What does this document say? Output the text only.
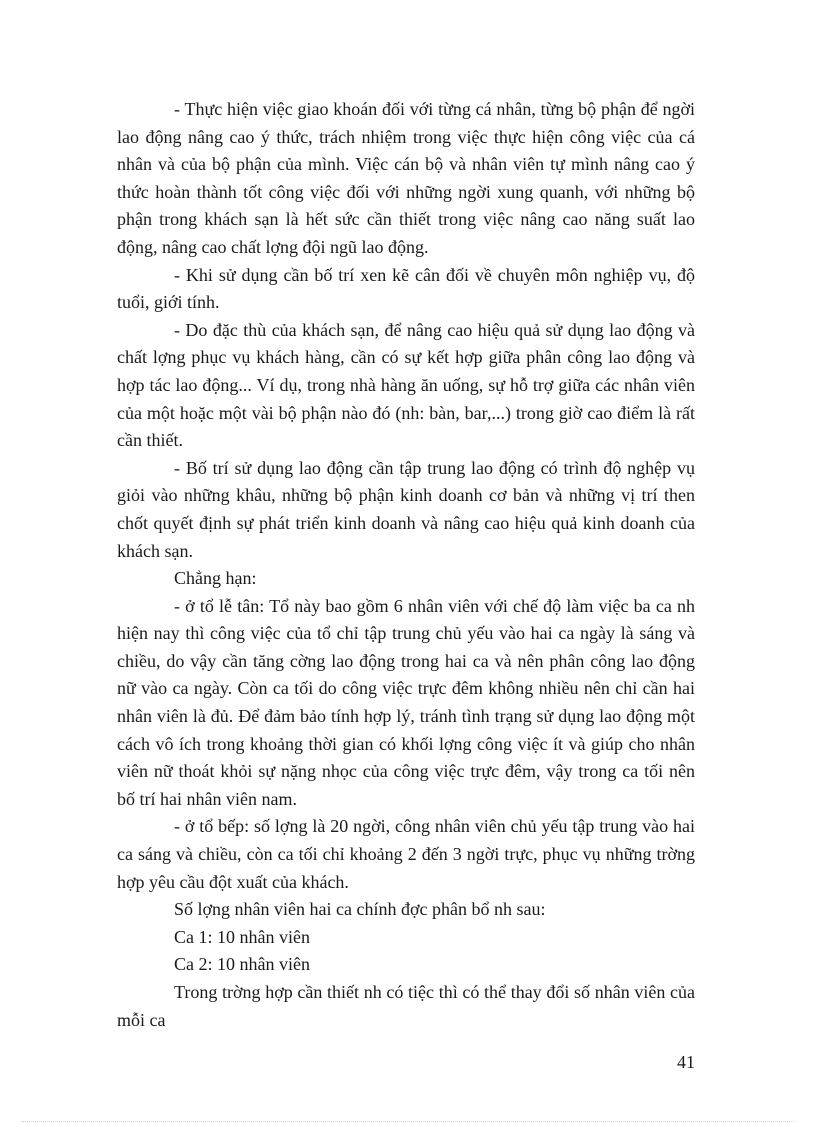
- Thực hiện việc giao khoán đối với từng cá nhân, từng bộ phận để ngời lao động nâng cao ý thức, trách nhiệm trong việc thực hiện công việc của cá nhân và của bộ phận của mình. Việc cán bộ và nhân viên tự mình nâng cao ý thức hoàn thành tốt công việc đối với những ngời xung quanh, với những bộ phận trong khách sạn là hết sức cần thiết trong việc nâng cao năng suất lao động, nâng cao chất lợng đội ngũ lao động.

- Khi sử dụng cần bố trí xen kẽ cân đối về chuyên môn nghiệp vụ, độ tuổi, giới tính.

- Do đặc thù của khách sạn, để nâng cao hiệu quả sử dụng lao động và chất lợng phục vụ khách hàng, cần có sự kết hợp giữa phân công lao động và hợp tác lao động... Ví dụ, trong nhà hàng ăn uống, sự hỗ trợ giữa các nhân viên của một hoặc một vài bộ phận nào đó (nh: bàn, bar,...) trong giờ cao điểm là rất cần thiết.

- Bố trí sử dụng lao động cần tập trung lao động có trình độ nghệp vụ giỏi vào những khâu, những bộ phận kinh doanh cơ bản và những vị trí then chốt quyết định sự phát triển kinh doanh và nâng cao hiệu quả kinh doanh của khách sạn.

Chẳng hạn:

- ở tổ lễ tân: Tổ này bao gồm 6 nhân viên với chế độ làm việc ba ca nh hiện nay thì công việc của tổ chỉ tập trung chủ yếu vào hai ca ngày là sáng và chiều, do vậy cần tăng cờng lao động trong hai ca và nên phân công lao động nữ vào ca ngày. Còn ca tối do công việc trực đêm không nhiều nên chỉ cần hai nhân viên là đủ. Để đảm bảo tính hợp lý, tránh tình trạng sử dụng lao động một cách vô ích trong khoảng thời gian có khối lợng công việc ít và giúp cho nhân viên nữ thoát khỏi sự nặng nhọc của công việc trực đêm, vậy trong ca tối nên bố trí hai nhân viên nam.

- ở tổ bếp: số lợng là 20 ngời, công nhân viên chủ yếu tập trung vào hai ca sáng và chiều, còn ca tối chỉ khoảng 2 đến 3 ngời trực, phục vụ những trờng hợp yêu cầu đột xuất của khách.

Số lợng nhân viên hai ca chính đợc phân bổ nh sau:

Ca 1: 10 nhân viên

Ca 2: 10 nhân viên

Trong trờng hợp cần thiết nh có tiệc thì có thể thay đổi số nhân viên của mỗi ca

41
